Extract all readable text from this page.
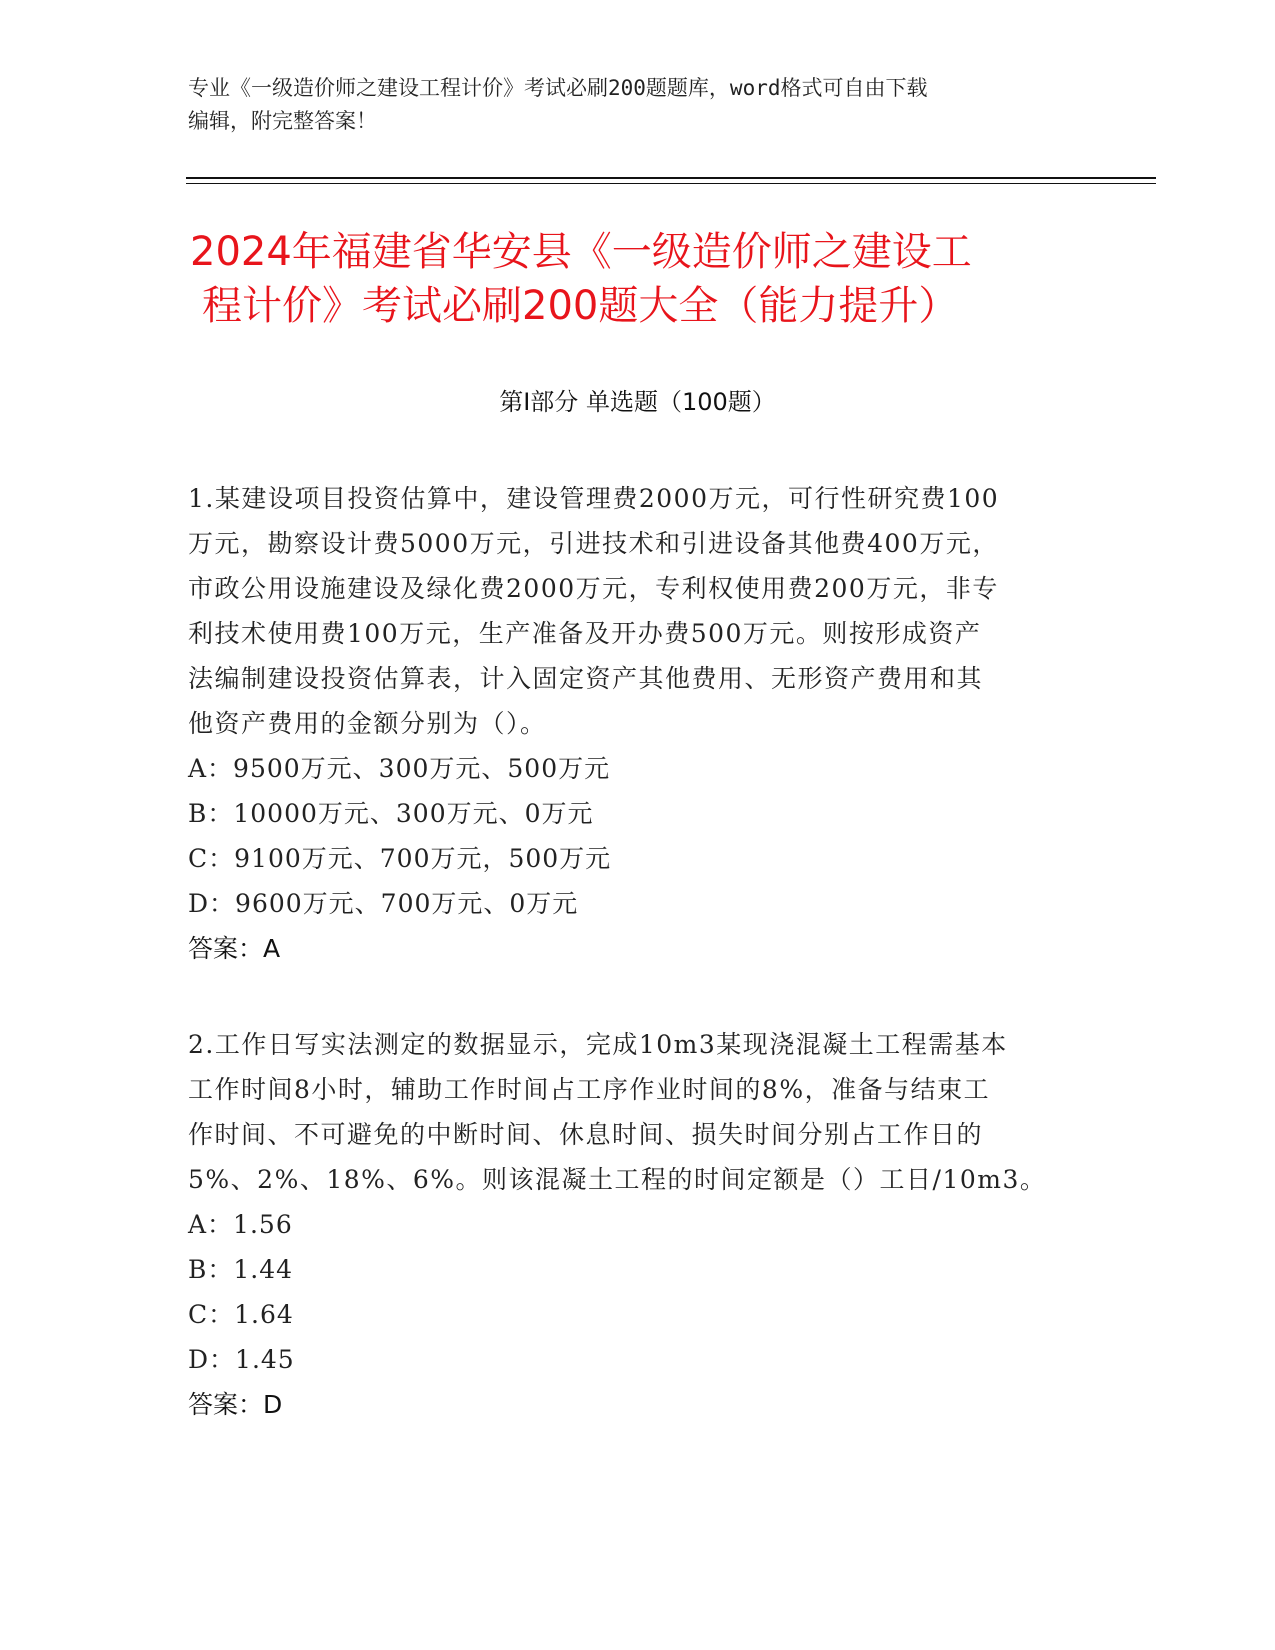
专业《一级造价师之建设工程计价》考试必刷200题题库，word格式可自由下载
编辑，附完整答案！
2024年福建省华安县《一级造价师之建设工
程计价》考试必刷200题大全（能力提升）
第Ⅰ部分 单选题（100题）
1.某建设项目投资估算中，建设管理费2000万元，可行性研究费100
万元，勘察设计费5000万元，引进技术和引进设备其他费400万元，
市政公用设施建设及绿化费2000万元，专利权使用费200万元，非专
利技术使用费100万元，生产准备及开办费500万元。则按形成资产
法编制建设投资估算表，计入固定资产其他费用、无形资产费用和其
他资产费用的金额分别为（）。
A：9500万元、300万元、500万元
B：10000万元、300万元、0万元
C：9100万元、700万元，500万元
D：9600万元、700万元、0万元
答案：A
2.工作日写实法测定的数据显示，完成10m3某现浇混凝土工程需基本
工作时间8小时，辅助工作时间占工序作业时间的8%，准备与结束工
作时间、不可避免的中断时间、休息时间、损失时间分别占工作日的
5%、2%、18%、6%。则该混凝土工程的时间定额是（）工日/10m3。
A：1.56
B：1.44
C：1.64
D：1.45
答案：D
